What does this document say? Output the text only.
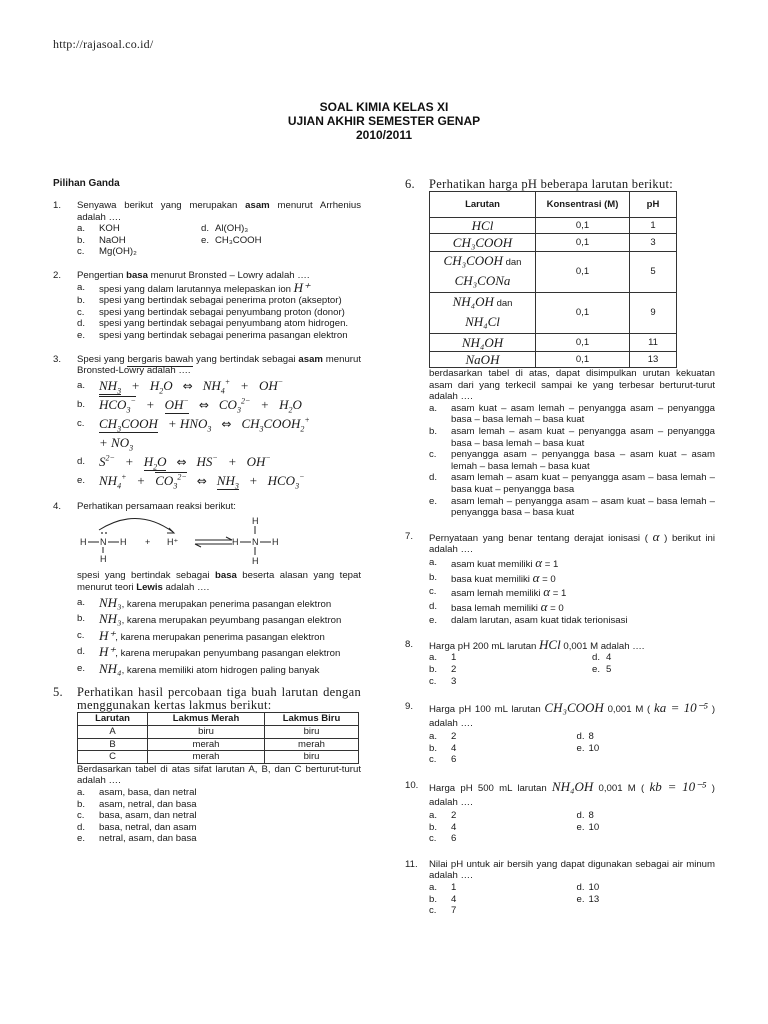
http://rajasoal.co.id/
SOAL KIMIA KELAS XI
UJIAN AKHIR SEMESTER GENAP
2010/2011
Pilihan Ganda
1. Senyawa berikut yang merupakan asam menurut Arrhenius adalah ….
a. KOH	d. Al(OH)₃
b. NaOH	e. CH₃COOH
c. Mg(OH)₂
2. Pengertian basa menurut Bronsted – Lowry adalah ….
a. spesi yang dalam larutannya melepaskan ion H⁺
b. spesi yang bertindak sebagai penerima proton (akseptor)
c. spesi yang bertindak sebagai penyumbang proton (donor)
d. spesi yang bertindak sebagai penyumbang atom hidrogen.
e. spesi yang bertindak sebagai penerima pasangan elektron
3. Spesi yang bergaris bawah yang bertindak sebagai asam menurut Bronsted-Lowry adalah ….
a.	$NH_3 + H_2O$ ⇔ $NH_4^+ + OH^-$
b.	$HCO_3^- + OH^-$ ⇔ $CO_3^{2-} + H_2O$
c.	$CH_3COOH + HNO_3$ ⇔ $CH_3COOH_2^+$
+ $NO_3$
d.	$S^{2-} + H_2O$ ⇔ HS− + OH−
e.	$NH_4^+ + CO_3^{2-}$ ⇔ $NH_3 + HCO_3^-$
4. Perhatikan persamaan reaksi berikut:
H N H
H
+ H⁺
H
H N H
H
spesi yang bertindak sebagai basa beserta alasan yang tepat menurut teori Lewis adalah ….
a. NH₃, karena merupakan penerima pasangan elektron
b. NH₃, karena merupakan peyumbang pasangan elektron
c. H⁺, karena merupakan penerima pasangan elektron
d. H⁺, karena merupakan penyumbang pasangan elektron
e. NH₄, karena memiliki atom hidrogen paling banyak
5. Perhatikan hasil percobaan tiga buah larutan dengan menggunakan kertas lakmus berikut:
Larutan	Lakmus Merah	Lakmus Biru
A	biru	biru
B	merah	merah
C	merah	biru
Berdasarkan tabel di atas sifat larutan A, B, dan C berturut-turut adalah ….
a. asam, basa, dan netral
b. asam, netral, dan basa
c. basa, asam, dan netral
d. basa, netral, dan asam
e. netral, asam, dan basa
6. Perhatikan harga pH beberapa larutan berikut:
Larutan	Konsentrasi (M)	pH
HCl	0,1	1
CH₃COOH	0,1	3
CH₃COOH dan
CH₃CONa	0,1	5
NH₄OH dan
NH₄Cl	0,1	9
NH₄OH	0,1	11
NaOH	0,1	13
berdasarkan tabel di atas, dapat disimpulkan urutan kekuatan asam dari yang terkecil sampai ke yang terbesar berturut-turut adalah ….
a. asam kuat – asam lemah – penyangga asam – penyangga basa – basa lemah – basa kuat
b. asam lemah – asam kuat – penyangga asam – penyangga basa – basa lemah – basa kuat
c. penyangga asam – penyangga basa – asam kuat – asam lemah – basa lemah – basa kuat
d. asam lemah – asam kuat – penyangga asam – basa lemah – basa kuat – penyangga basa
e. asam lemah – penyangga asam – asam kuat – basa lemah – penyangga basa – basa kuat
7. Pernyataan yang benar tentang derajat ionisasi ( α ) berikut ini adalah ….
a. asam kuat memiliki α = 1
b. basa kuat memiliki α = 0
c. asam lemah memiliki α = 1
d. basa lemah memiliki α = 0
e. dalam larutan, asam kuat tidak terionisasi
8. Harga pH 200 mL larutan HCl 0,001 M adalah ….
a. 1	d. 4
b. 2	e. 5
c. 3
9. Harga pH 100 mL larutan CH₃COOH 0,001 M ( ka = 10⁻⁵ ) adalah ….
a. 2	d. 8
b. 4	e. 10
c. 6
10. Harga pH 500 mL larutan NH₄OH 0,001 M ( kb = 10⁻⁵ ) adalah ….
a. 2	d. 8
b. 4	e. 10
c. 6
11. Nilai pH untuk air bersih yang dapat digunakan sebagai air minum adalah ….
a. 1	d. 10
b. 4	e. 13
c. 7
